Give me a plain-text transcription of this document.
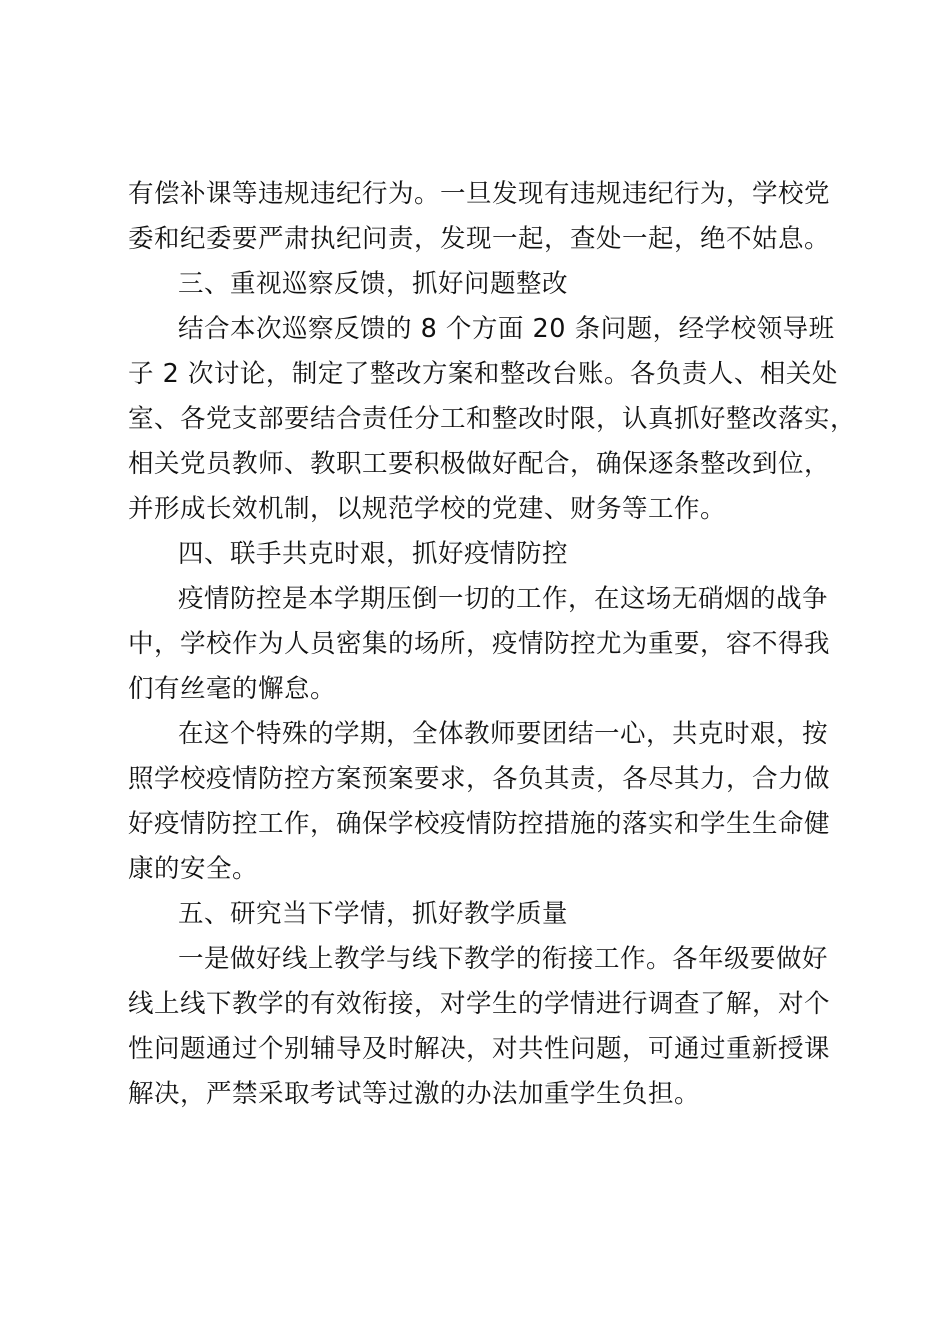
有偿补课等违规违纪行为。一旦发现有违规违纪行为，学校党
委和纪委要严肃执纪问责，发现一起，查处一起，绝不姑息。

三、重视巡察反馈，抓好问题整改

结合本次巡察反馈的 8 个方面 20 条问题，经学校领导班
子 2 次讨论，制定了整改方案和整改台账。各负责人、相关处
室、各党支部要结合责任分工和整改时限，认真抓好整改落实，
相关党员教师、教职工要积极做好配合，确保逐条整改到位，
并形成长效机制，以规范学校的党建、财务等工作。

四、联手共克时艰，抓好疫情防控

疫情防控是本学期压倒一切的工作，在这场无硝烟的战争
中，学校作为人员密集的场所，疫情防控尤为重要，容不得我
们有丝毫的懈怠。

在这个特殊的学期，全体教师要团结一心，共克时艰，按
照学校疫情防控方案预案要求，各负其责，各尽其力，合力做
好疫情防控工作，确保学校疫情防控措施的落实和学生生命健
康的安全。

五、研究当下学情，抓好教学质量

一是做好线上教学与线下教学的衔接工作。各年级要做好
线上线下教学的有效衔接，对学生的学情进行调查了解，对个
性问题通过个别辅导及时解决，对共性问题，可通过重新授课
解决，严禁采取考试等过激的办法加重学生负担。
